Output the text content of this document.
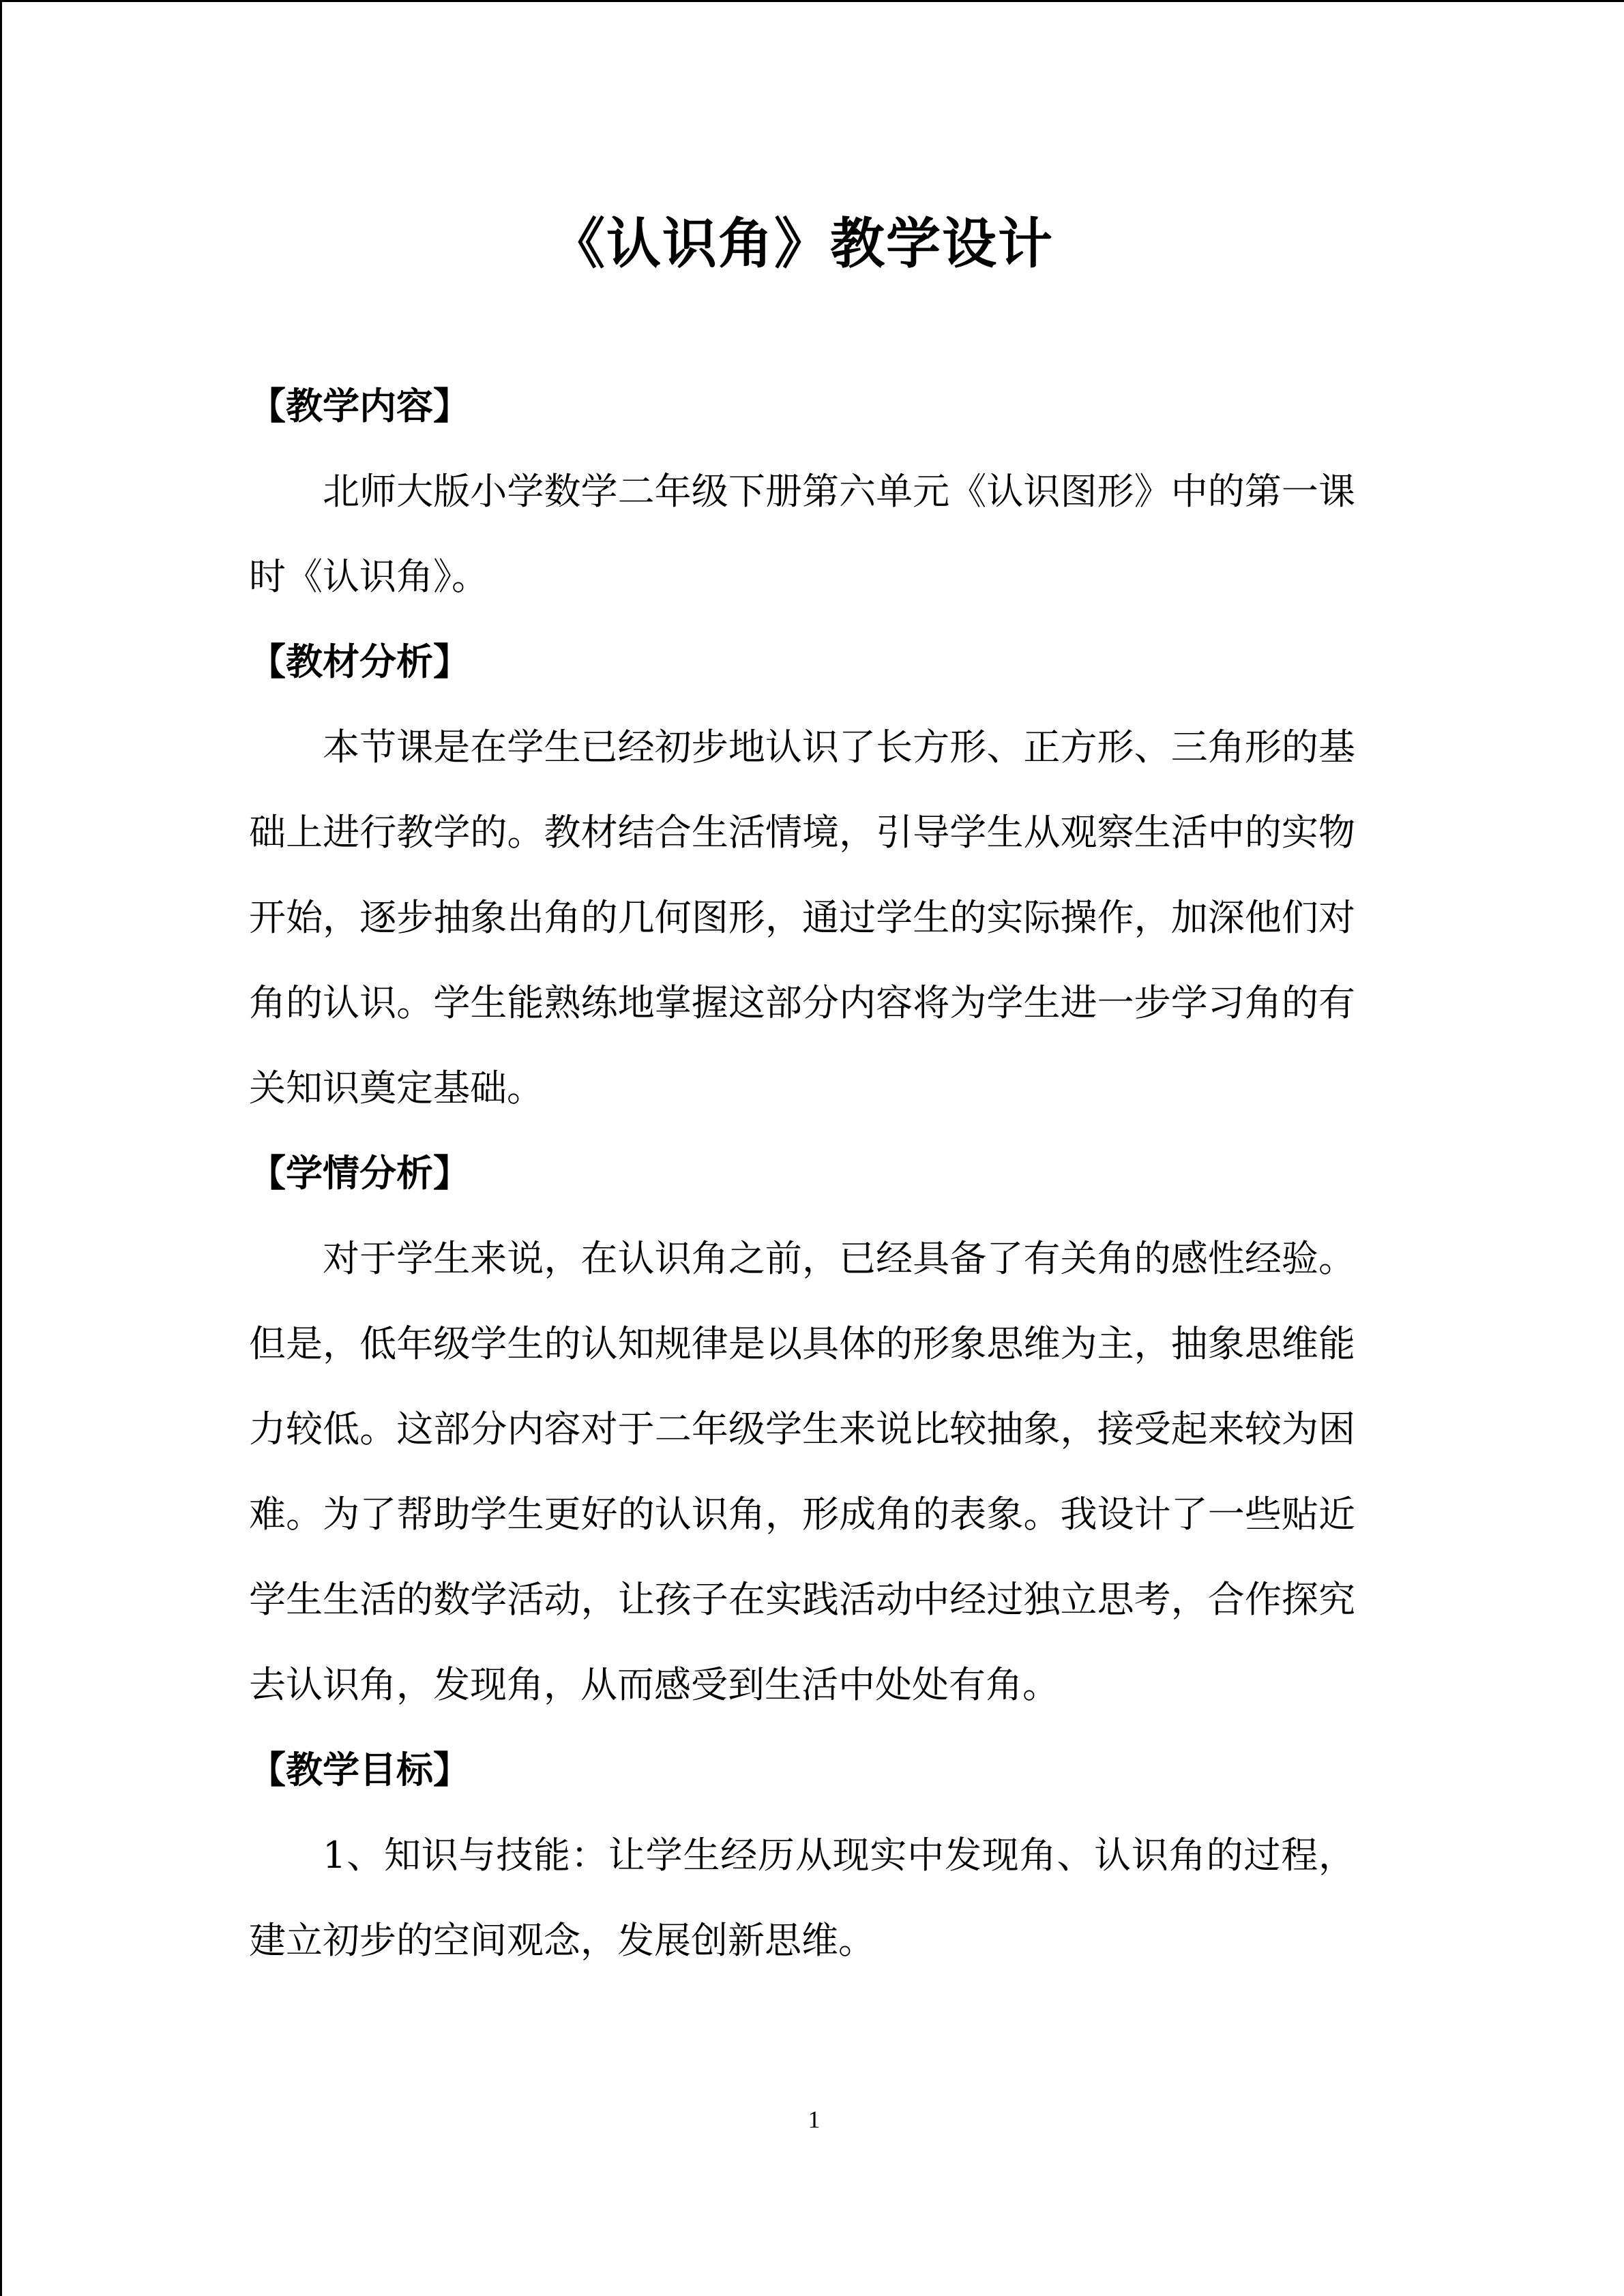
《认识角》教学设计

【教学内容】

北师大版小学数学二年级下册第六单元《认识图形》中的第一课时《认识角》。

【教材分析】

本节课是在学生已经初步地认识了长方形、正方形、三角形的基础上进行教学的。教材结合生活情境，引导学生从观察生活中的实物开始，逐步抽象出角的几何图形，通过学生的实际操作，加深他们对角的认识。学生能熟练地掌握这部分内容将为学生进一步学习角的有关知识奠定基础。

【学情分析】

对于学生来说，在认识角之前，已经具备了有关角的感性经验。但是，低年级学生的认知规律是以具体的形象思维为主，抽象思维能力较低。这部分内容对于二年级学生来说比较抽象，接受起来较为困难。为了帮助学生更好的认识角，形成角的表象。我设计了一些贴近学生生活的数学活动，让孩子在实践活动中经过独立思考，合作探究去认识角，发现角，从而感受到生活中处处有角。

【教学目标】

1、知识与技能：让学生经历从现实中发现角、认识角的过程，建立初步的空间观念，发展创新思维。

1
